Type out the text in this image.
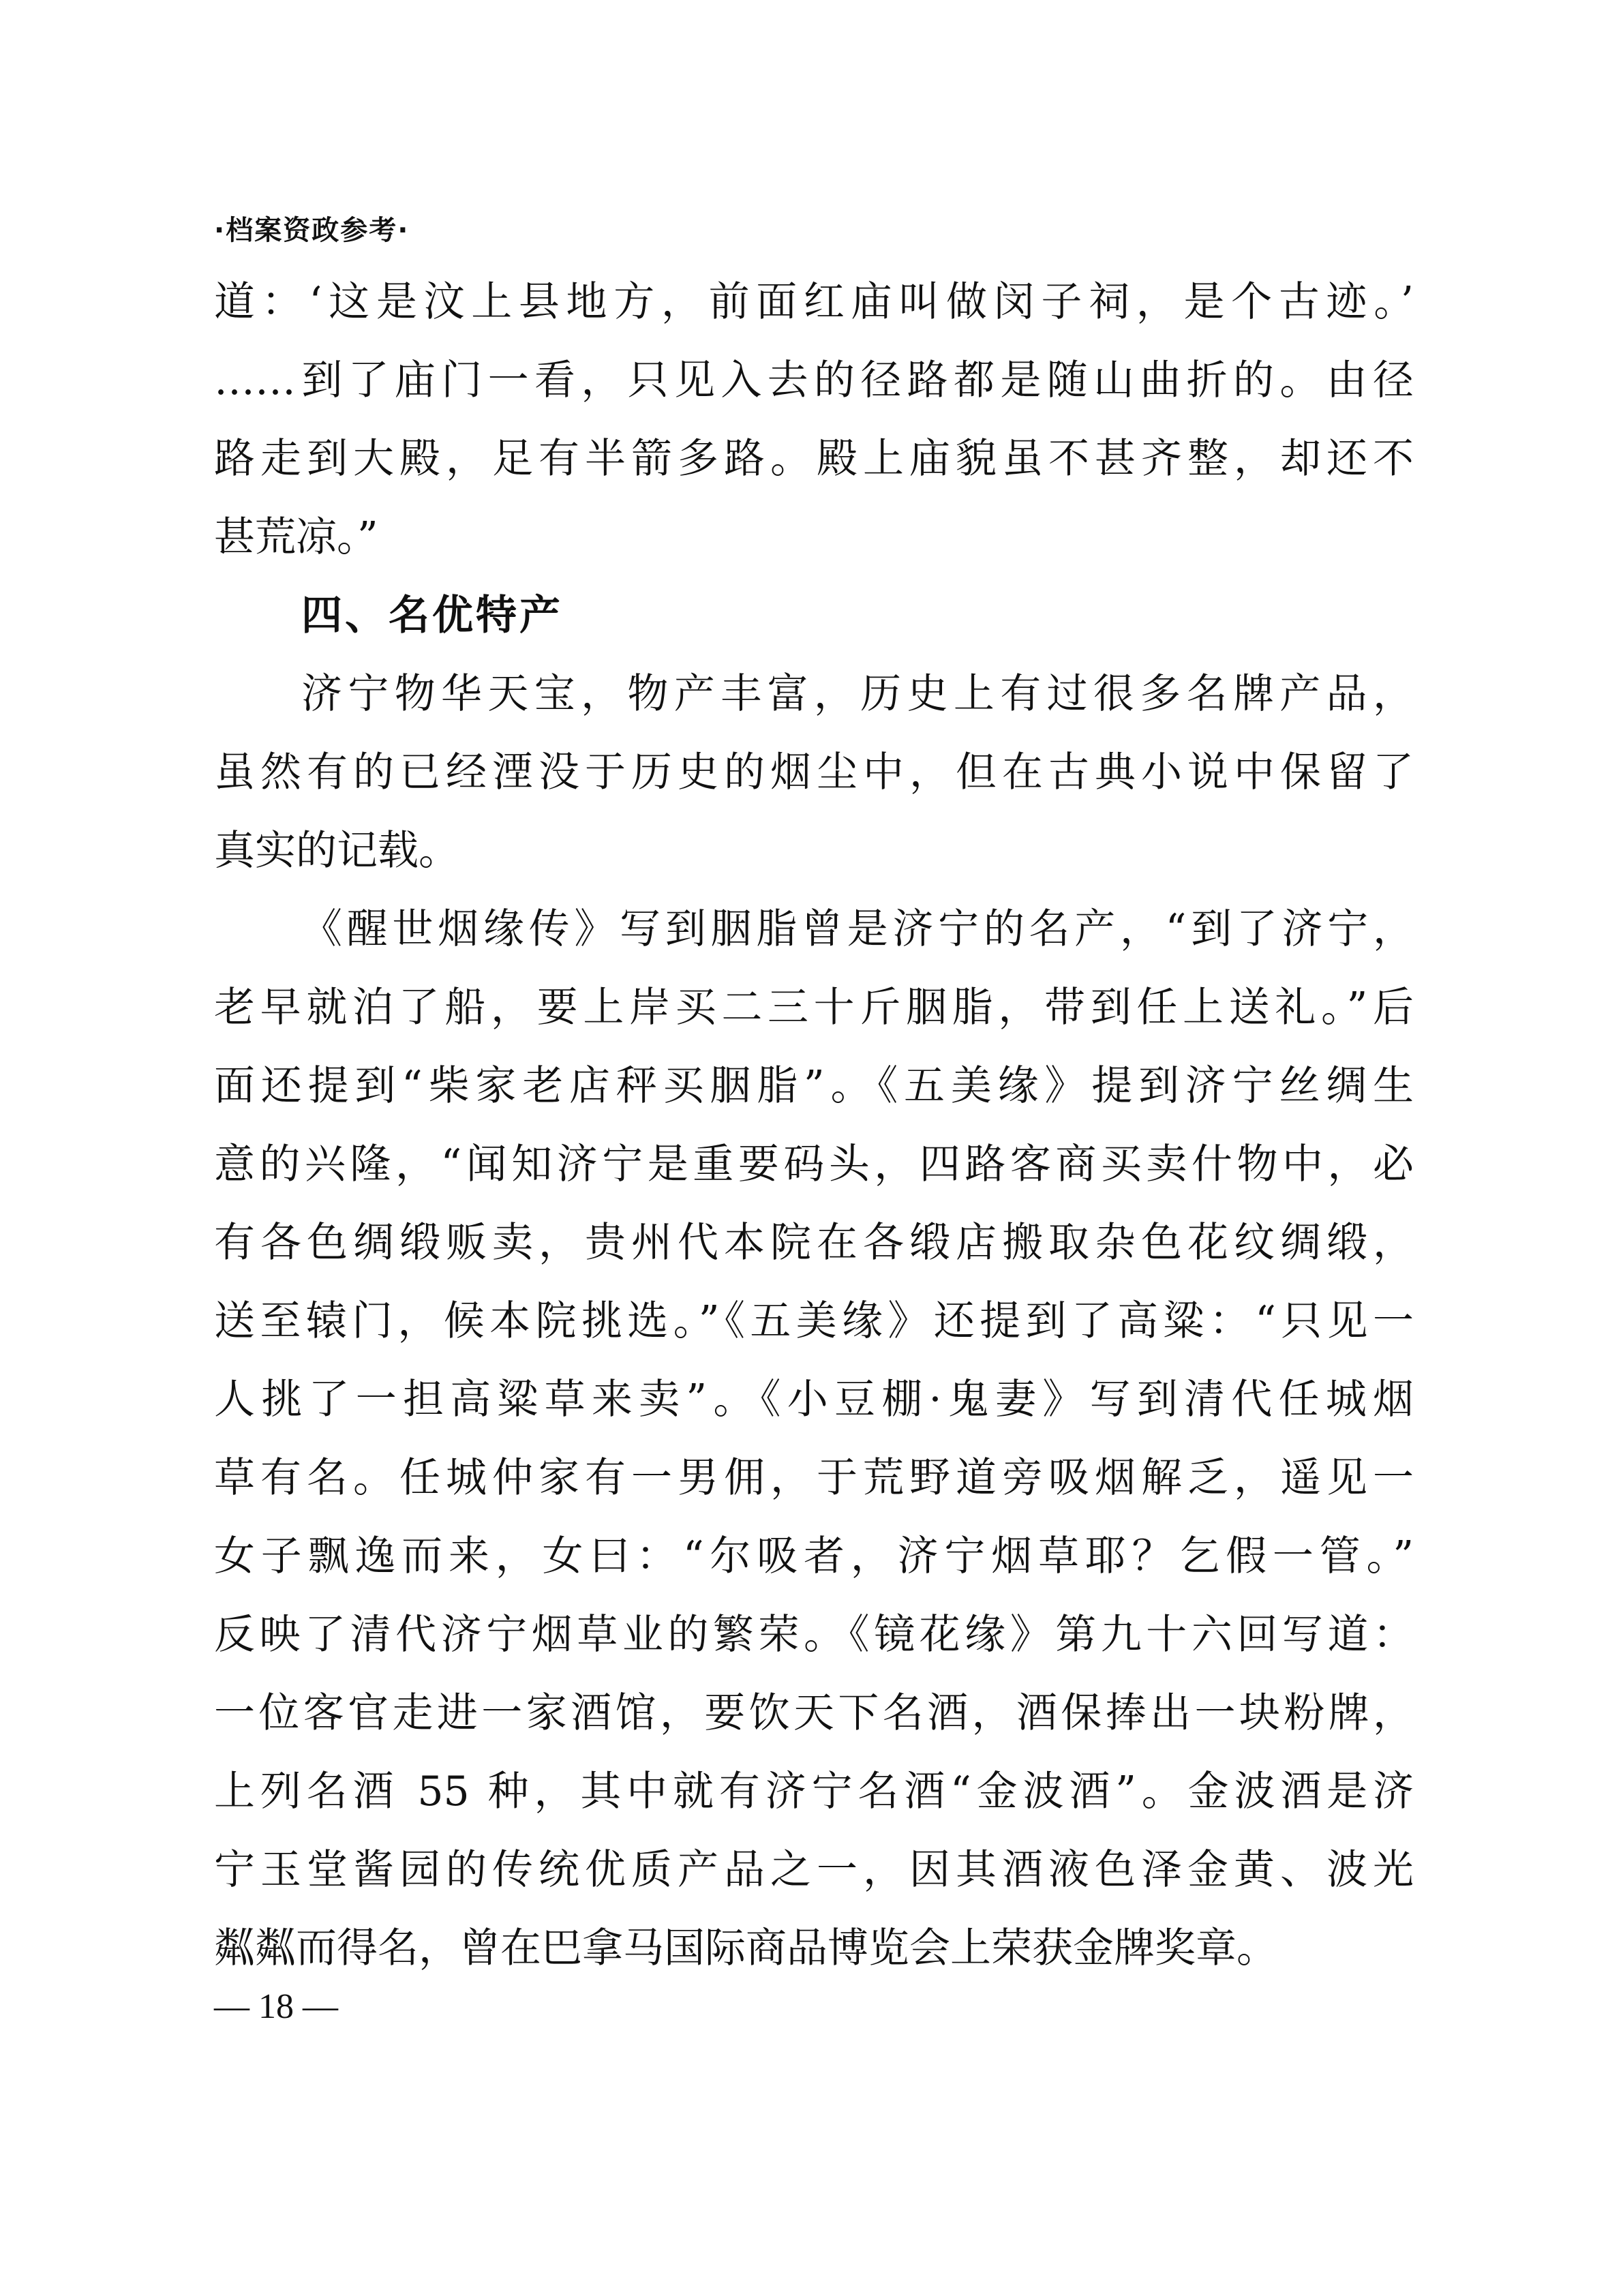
·档案资政参考·
道：‘这是汶上县地方，前面红庙叫做闵子祠，是个古迹。’
……到了庙门一看，只见入去的径路都是随山曲折的。由径
路走到大殿，足有半箭多路。殿上庙貌虽不甚齐整，却还不
甚荒凉。”
四、名优特产
济宁物华天宝，物产丰富，历史上有过很多名牌产品，
虽然有的已经湮没于历史的烟尘中，但在古典小说中保留了
真实的记载。
《醒世烟缘传》写到胭脂曾是济宁的名产，“到了济宁，
老早就泊了船，要上岸买二三十斤胭脂，带到任上送礼。”后
面还提到“柴家老店秤买胭脂”。《五美缘》提到济宁丝绸生
意的兴隆，“闻知济宁是重要码头，四路客商买卖什物中，必
有各色绸缎贩卖，贵州代本院在各缎店搬取杂色花纹绸缎，
送至辕门，候本院挑选。”《五美缘》还提到了高粱：“只见一
人挑了一担高粱草来卖”。《小豆棚·鬼妻》写到清代任城烟
草有名。任城仲家有一男佣，于荒野道旁吸烟解乏，遥见一
女子飘逸而来，女曰：“尔吸者，济宁烟草耶？乞假一管。”
反映了清代济宁烟草业的繁荣。《镜花缘》第九十六回写道：
一位客官走进一家酒馆，要饮天下名酒，酒保捧出一块粉牌，
上列名酒 55 种，其中就有济宁名酒“金波酒”。金波酒是济
宁玉堂酱园的传统优质产品之一，因其酒液色泽金黄、波光
粼粼而得名，曾在巴拿马国际商品博览会上荣获金牌奖章。
— 18 —
